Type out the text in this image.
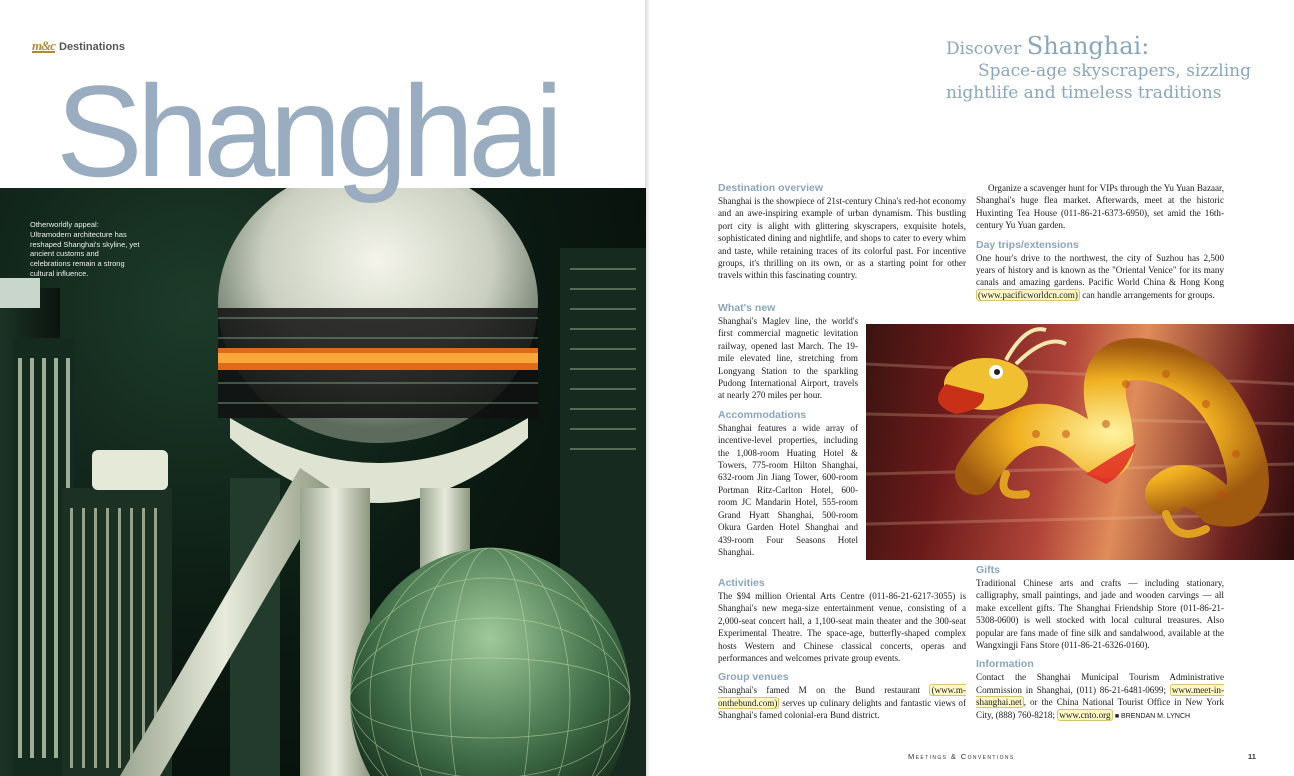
m&c Destinations
Shanghai
Otherworldly appeal: Ultramodern architecture has reshaped Shanghai's skyline, yet ancient customs and celebrations remain a strong cultural influence.
Discover Shanghai:
Space-age skyscrapers, sizzling
nightlife and timeless traditions
Destination overview

Shanghai is the showpiece of 21st-century China's red-hot economy and an awe-inspiring example of urban dynamism. This bustling port city is alight with glittering skyscrapers, exquisite hotels, sophisticated dining and nightlife, and shops to cater to every whim and taste, while retaining traces of its colorful past. For incentive groups, it's thrilling on its own, or as a starting point for other travels within this fascinating country.

What's new

Shanghai's Maglev line, the world's first commercial magnetic levitation railway, opened last March. The 19-mile elevated line, stretching from Longyang Station to the sparkling Pudong International Airport, travels at nearly 270 miles per hour.

Accommodations

Shanghai features a wide array of incentive-level properties, including the 1,008-room Huating Hotel & Towers, 775-room Hilton Shanghai, 632-room Jin Jiang Tower, 600-room Portman Ritz-Carlton Hotel, 600-room JC Mandarin Hotel, 555-room Grand Hyatt Shanghai, 500-room Okura Garden Hotel Shanghai and 439-room Four Seasons Hotel Shanghai.

Activities

The $94 million Oriental Arts Centre (011-86-21-6217-3055) is Shanghai's new mega-size entertainment venue, consisting of a 2,000-seat concert hall, a 1,100-seat main theater and the 300-seat Experimental Theatre. The space-age, butterfly-shaped complex hosts Western and Chinese classical concerts, operas and performances and welcomes private group events.

Group venues

Shanghai's famed M on the Bund restaurant (www.m-onthebund.com) serves up culinary delights and fantastic views of Shanghai's famed colonial-era Bund district.

Organize a scavenger hunt for VIPs through the Yu Yuan Bazaar, Shanghai's huge flea market. Afterwards, meet at the historic Huxinting Tea House (011-86-21-6373-6950), set amid the 16th-century Yu Yuan garden.

Day trips/extensions

One hour's drive to the northwest, the city of Suzhou has 2,500 years of history and is known as the "Oriental Venice" for its many canals and amazing gardens. Pacific World China & Hong Kong (www.pacificworldcn.com) can handle arrangements for groups.

Gifts

Traditional Chinese arts and crafts — including stationary, calligraphy, small paintings, and jade and wooden carvings — all make excellent gifts. The Shanghai Friendship Store (011-86-21-5308-0600) is well stocked with local cultural treasures. Also popular are fans made of fine silk and sandalwood, available at the Wangxingji Fans Store (011-86-21-6326-0160).

Information

Contact the Shanghai Municipal Tourism Administrative Commission in Shanghai, (011) 86-21-6481-0699; www.meet-in-shanghai.net , or the China National Tourist Office in New York City, (888) 760-8218; www.cnto.org ■ BRENDAN M. LYNCH

Meetings & Conventions	11
